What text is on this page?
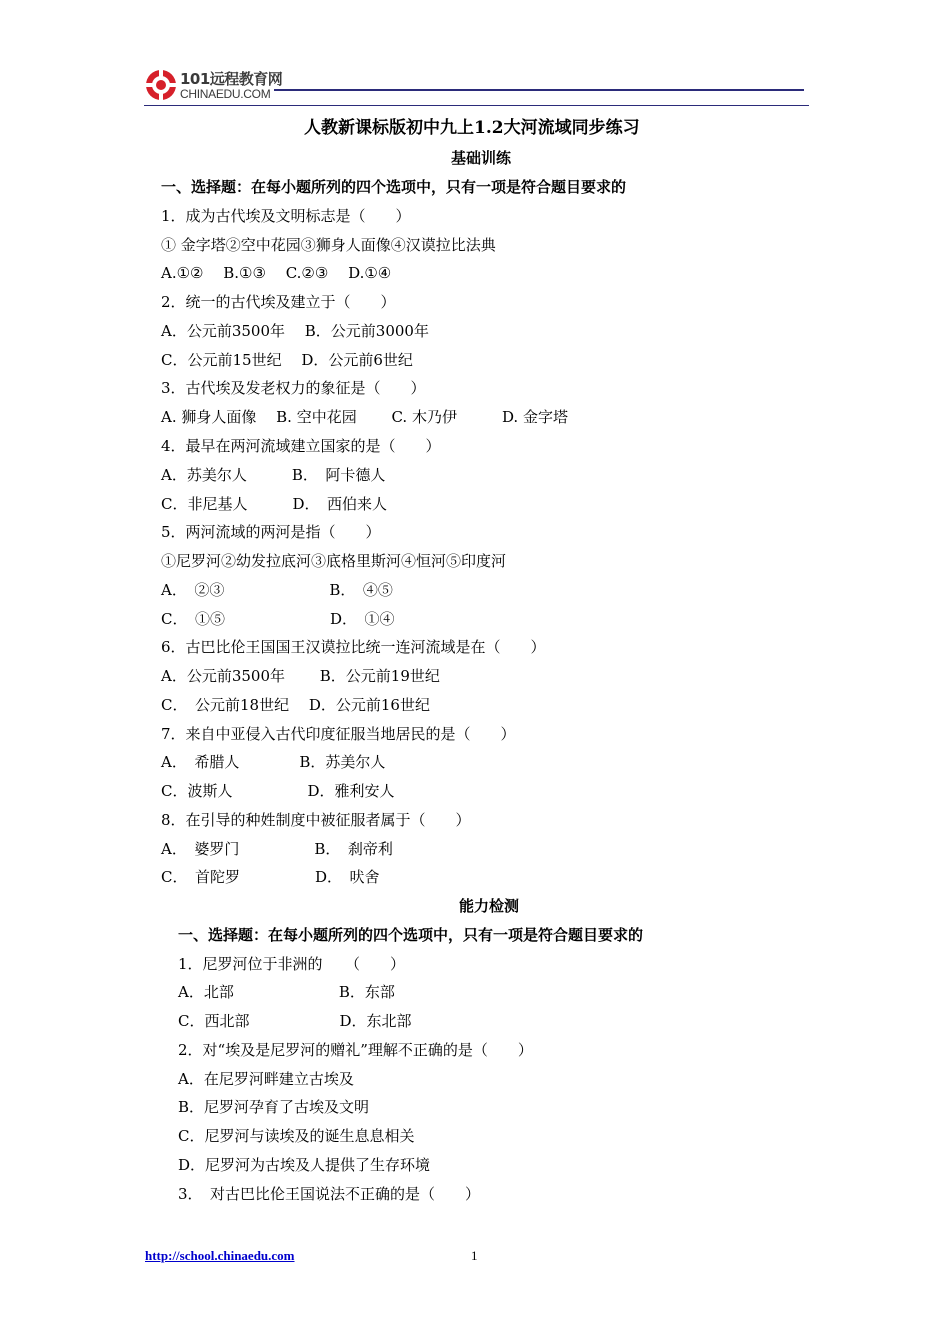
101远程教育网
CHINAEDU.COM
人教新课标版初中九上1.2大河流域同步练习
基础训练
一、选择题：在每小题所列的四个选项中，只有一项是符合题目要求的
1．成为古代埃及文明标志是（　　）
① 金字塔②空中花园③狮身人面像④汉谟拉比法典
A.①②　 B.①③　 C.②③　 D.①④
2．统一的古代埃及建立于（　　）
A．公元前3500年　 B．公元前3000年
C．公元前15世纪　 D．公元前6世纪
3．古代埃及发老权力的象征是（　　）
A. 狮身人面像　 B. 空中花园　　 C. 木乃伊　　　D. 金字塔
4．最早在两河流域建立国家的是（　　）
A．苏美尔人　　　B．　阿卡德人
C．非尼基人　　　D．　西伯来人
5．两河流域的两河是指（　　）
①尼罗河②幼发拉底河③底格里斯河④恒河⑤印度河
A．　②③　　　　　　　B．　④⑤
C．　①⑤　　　　　　　D．　①④
6．古巴比伦王国国王汉谟拉比统一连河流域是在（　　）
A．公元前3500年　　 B．公元前19世纪
C．　公元前18世纪　 D．公元前16世纪
7．来自中亚侵入古代印度征服当地居民的是（　　）
A．　希腊人　　　　B．苏美尔人
C．波斯人　　　　　D．雅利安人
8．在引导的种姓制度中被征服者属于（　　）
A．　婆罗门　　　　　B．　刹帝利
C．　首陀罗　　　　　D．　吠舍
能力检测
一、选择题：在每小题所列的四个选项中，只有一项是符合题目要求的
1．尼罗河位于非洲的　　（　　）
A．北部　　　　　　　B．东部
C．西北部　　　　　　D．东北部
2．对“埃及是尼罗河的赠礼”理解不正确的是（　　）
A．在尼罗河畔建立古埃及
B．尼罗河孕育了古埃及文明
C．尼罗河与读埃及的诞生息息相关
D．尼罗河为古埃及人提供了生存环境
3．　对古巴比伦王国说法不正确的是（　　）
http://school.chinaedu.com	1
